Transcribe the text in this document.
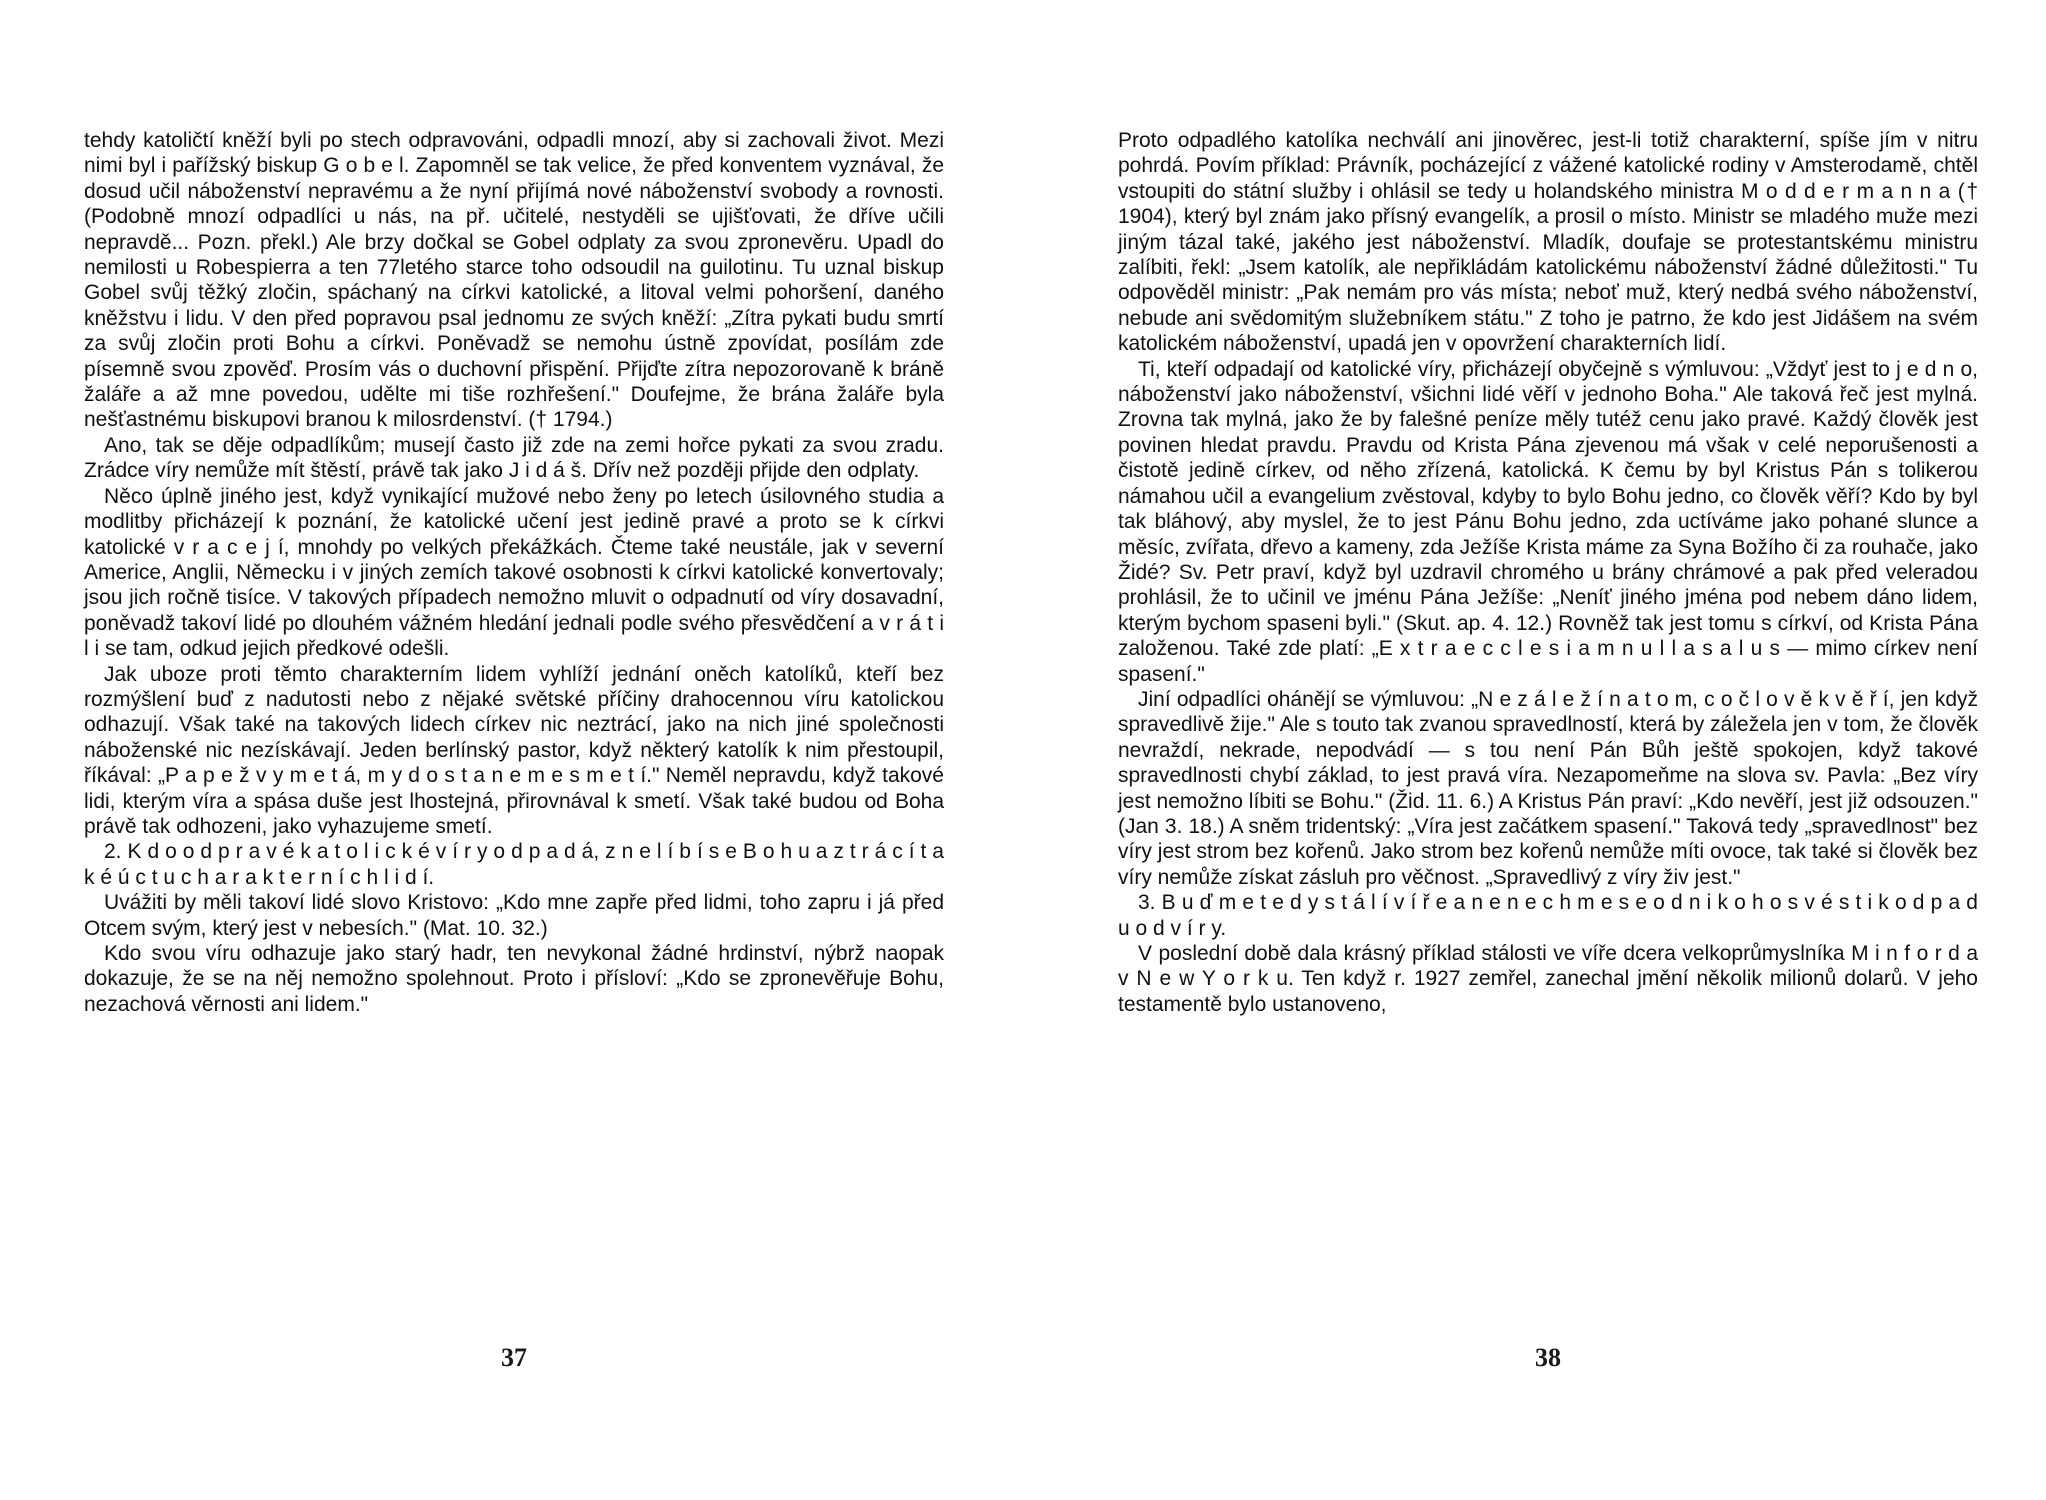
tehdy katoličtí kněží byli po stech odpravováni, odpadli mnozí, aby si zachovali život. Mezi nimi byl i pařížský biskup G o b e l. Zapomněl se tak velice, že před konventem vyznával, že dosud učil náboženství nepravému a že nyní přijímá nové náboženství svobody a rovnosti. (Podobně mnozí odpadlíci u nás, na př. učitelé, nestyděli se ujišťovati, že dříve učili nepravdě... Pozn. překl.) Ale brzy dočkal se Gobel odplaty za svou zpronevěru. Upadl do nemilosti u Robespierra a ten 77letého starce toho odsoudil na guilotinu. Tu uznal biskup Gobel svůj těžký zločin, spáchaný na církvi katolické, a litoval velmi pohoršení, daného kněžstvu i lidu. V den před popravou psal jednomu ze svých kněží: „Zítra pykati budu smrtí za svůj zločin proti Bohu a církvi. Poněvadž se nemohu ústně zpovídat, posílám zde písemně svou zpověď. Prosím vás o duchovní přispění. Přijďte zítra nepozorovaně k bráně žaláře a až mne povedou, udělte mi tiše rozhřešení." Doufejme, že brána žaláře byla nešťastnému biskupovi branou k milosrdenství. († 1794.)

Ano, tak se děje odpadlíkům; musejí často již zde na zemi hořce pykati za svou zradu. Zrádce víry nemůže mít štěstí, právě tak jako J i d á š. Dřív než později přijde den odplaty.

Něco úplně jiného jest, když vynikající mužové nebo ženy po letech úsilovného studia a modlitby přicházejí k poznání, že katolické učení jest jedině pravé a proto se k církvi katolické v r a c e j í, mnohdy po velkých překážkách. Čteme také neustále, jak v severní Americe, Anglii, Německu i v jiných zemích takové osobnosti k církvi katolické konvertovaly; jsou jich ročně tisíce. V takových případech nemožno mluvit o odpadnutí od víry dosavadní, poněvadž takoví lidé po dlouhém vážném hledání jednali podle svého přesvědčení a v r á t i l i se tam, odkud jejich předkové odešli.

Jak uboze proti těmto charakterním lidem vyhlíží jednání oněch katolíků, kteří bez rozmýšlení buď z nadutosti nebo z nějaké světské příčiny drahocennou víru katolickou odhazují. Však také na takových lidech církev nic neztrácí, jako na nich jiné společnosti náboženské nic nezískávají. Jeden berlínský pastor, když některý katolík k nim přestoupil, říkával: „P a p e ž v y m e t á, m y d o s t a n e m e s m e t í." Neměl nepravdu, když takové lidi, kterým víra a spása duše jest lhostejná, přirovnával k smetí. Však také budou od Boha právě tak odhozeni, jako vyhazujeme smetí.

2. K d o o d p r a v é k a t o l i c k é v í r y o d p a d á, z n e l í b í s e B o h u a z t r á c í t a k é ú c t u c h a r a k t e r n í c h l i d í.

Uvážiti by měli takoví lidé slovo Kristovo: „Kdo mne zapře před lidmi, toho zapru i já před Otcem svým, který jest v nebesích." (Mat. 10. 32.)

Kdo svou víru odhazuje jako starý hadr, ten nevykonal žádné hrdinství, nýbrž naopak dokazuje, že se na něj nemožno spolehnout. Proto i přísloví: „Kdo se zpronevěřuje Bohu, nezachová věrnosti ani lidem."

37

Proto odpadlého katolíka nechválí ani jinověrec, jest-li totiž charakterní, spíše jím v nitru pohrdá. Povím příklad: Právník, pocházející z vážené katolické rodiny v Amsterodamě, chtěl vstoupiti do státní služby i ohlásil se tedy u holandského ministra M o d d e r m a n n a († 1904), který byl znám jako přísný evangelík, a prosil o místo. Ministr se mladého muže mezi jiným tázal také, jakého jest náboženství. Mladík, doufaje se protestantskému ministru zalíbiti, řekl: „Jsem katolík, ale nepřikládám katolickému náboženství žádné důležitosti." Tu odpověděl ministr: „Pak nemám pro vás místa; neboť muž, který nedbá svého náboženství, nebude ani svědomitým služebníkem státu." Z toho je patrno, že kdo jest Jidášem na svém katolickém náboženství, upadá jen v opovržení charakterních lidí.

Ti, kteří odpadají od katolické víry, přicházejí obyčejně s výmluvou: „Vždyť jest to j e d n o, náboženství jako náboženství, všichni lidé věří v jednoho Boha." Ale taková řeč jest mylná. Zrovna tak mylná, jako že by falešné peníze měly tutéž cenu jako pravé. Každý člověk jest povinen hledat pravdu. Pravdu od Krista Pána zjevenou má však v celé neporušenosti a čistotě jedině církev, od něho zřízená, katolická. K čemu by byl Kristus Pán s tolikerou námahou učil a evangelium zvěstoval, kdyby to bylo Bohu jedno, co člověk věří? Kdo by byl tak bláhový, aby myslel, že to jest Pánu Bohu jedno, zda uctíváme jako pohané slunce a měsíc, zvířata, dřevo a kameny, zda Ježíše Krista máme za Syna Božího či za rouhače, jako Židé? Sv. Petr praví, když byl uzdravil chromého u brány chrámové a pak před veleradou prohlásil, že to učinil ve jménu Pána Ježíše: „Neníť jiného jména pod nebem dáno lidem, kterým bychom spaseni byli." (Skut. ap. 4. 12.) Rovněž tak jest tomu s církví, od Krista Pána založenou. Také zde platí: „E x t r a e c c l e s i a m n u l l a s a l u s — mimo církev není spasení."

Jiní odpadlíci ohánějí se výmluvou: „N e z á l e ž í n a t o m, c o č l o v ě k v ě ř í, jen když spravedlivě žije." Ale s touto tak zvanou spravedlností, která by záležela jen v tom, že člověk nevraždí, nekrade, nepodvádí — s tou není Pán Bůh ještě spokojen, když takové spravedlnosti chybí základ, to jest pravá víra. Nezapomeňme na slova sv. Pavla: „Bez víry jest nemožno líbiti se Bohu." (Žid. 11. 6.) A Kristus Pán praví: „Kdo nevěří, jest již odsouzen." (Jan 3. 18.) A sněm tridentský: „Víra jest začátkem spasení." Taková tedy „spravedlnost" bez víry jest strom bez kořenů. Jako strom bez kořenů nemůže míti ovoce, tak také si člověk bez víry nemůže získat zásluh pro věčnost. „Spravedlivý z víry živ jest."

3. B u ď m e t e d y s t á l í v í ř e a n e n e c h m e s e o d n i k o h o s v é s t i k o d p a d u o d v í r y.

V poslední době dala krásný příklad stálosti ve víře dcera velkoprůmyslníka M i n f o r d a v N e w Y o r k u. Ten když r. 1927 zemřel, zanechal jmění několik milionů dolarů. V jeho testamentě bylo ustanoveno,

38
